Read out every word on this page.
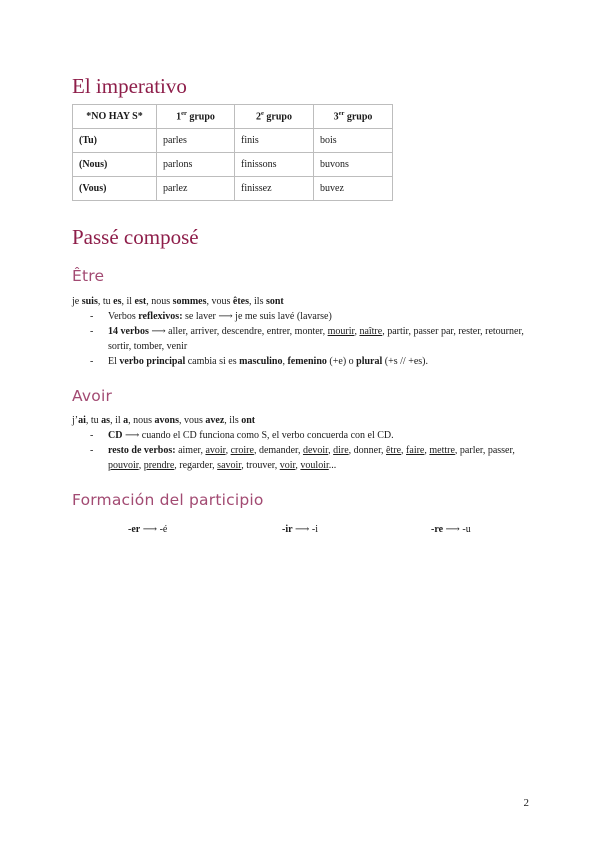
El imperativo
*NO HAY S*	1er grupo	2e grupo	3er grupo
(Tu)	parles	finis	bois
(Nous)	parlons	finissons	buvons
(Vous)	parlez	finissez	buvez
Passé composé
Être

je suis, tu es, il est, nous sommes, vous êtes, ils sont

- Verbos reflexivos: se laver ⟶ je me suis lavé (lavarse)
- 14 verbos ⟶ aller, arriver, descendre, entrer, monter, mourir, naître, partir, passer par, rester, retourner, sortir, tomber, venir
- El verbo principal cambia si es masculino, femenino (+e) o plural (+s // +es).
Avoir

j’ai, tu as, il a, nous avons, vous avez, ils ont

- CD ⟶ cuando el CD funciona como S, el verbo concuerda con el CD.
- resto de verbos: aimer, avoir, croire, demander, devoir, dire, donner, être, faire, mettre, parler, passer, pouvoir, prendre, regarder, savoir, trouver, voir, vouloir...
Formación del participio
-er ⟶ -é	-ir ⟶ -i	-re ⟶ -u
2
